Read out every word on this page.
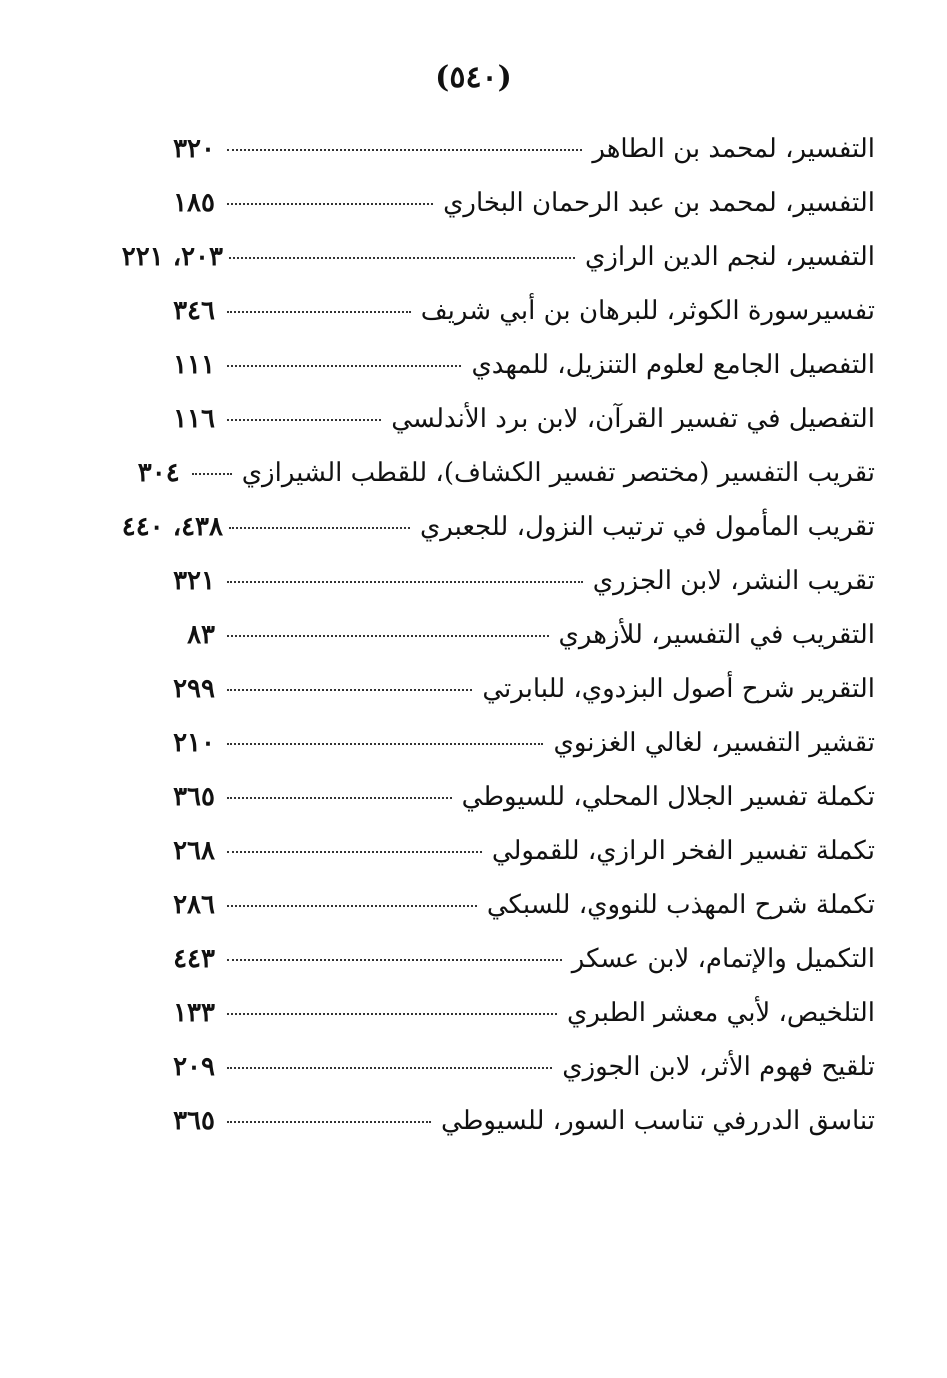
(٥٤٠)
التفسير، لمحمد بن الطاهر
٣٢٠
التفسير، لمحمد بن عبد الرحمان البخاري
١٨٥
التفسير، لنجم الدين الرازي
٢٠٣، ٢٢١
تفسيرسورة الكوثر، للبرهان بن أبي شريف
٣٤٦
التفصيل الجامع لعلوم التنزيل، للمهدي
١١١
التفصيل في تفسير القرآن، لابن برد الأندلسي
١١٦
تقريب التفسير (مختصر تفسير الكشاف)، للقطب الشيرازي
٣٠٤
تقريب المأمول في ترتيب النزول، للجعبري
٤٣٨، ٤٤٠
تقريب النشر، لابن الجزري
٣٢١
التقريب في التفسير، للأزهري
٨٣
التقرير شرح أصول البزدوي، للبابرتي
٢٩٩
تقشير التفسير، لغالي الغزنوي
٢١٠
تكملة تفسير الجلال المحلي، للسيوطي
٣٦٥
تكملة تفسير الفخر الرازي، للقمولي
٢٦٨
تكملة شرح المهذب للنووي، للسبكي
٢٨٦
التكميل والإتمام، لابن عسكر
٤٤٣
التلخيص، لأبي معشر الطبري
١٣٣
تلقيح فهوم الأثر، لابن الجوزي
٢٠٩
تناسق الدررفي تناسب السور، للسيوطي
٣٦٥
